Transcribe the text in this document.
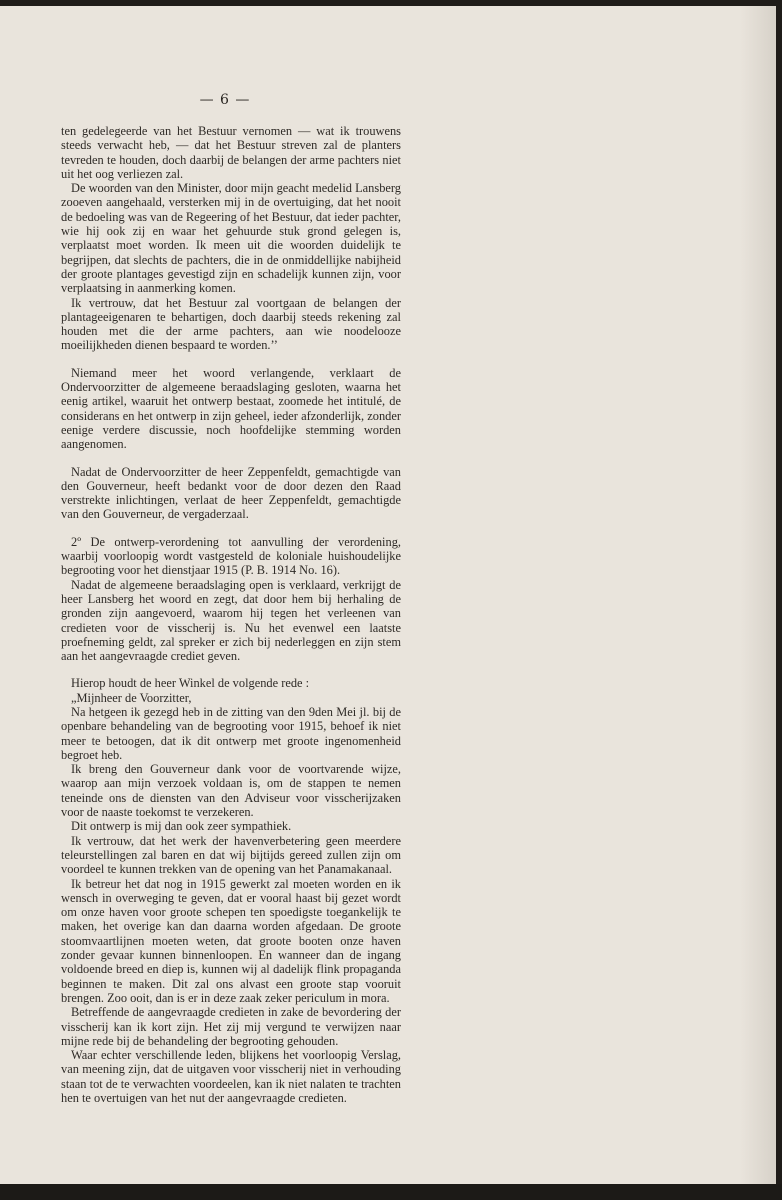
— 6 —

ten gedelegeerde van het Bestuur vernomen — wat ik trouwens steeds verwacht heb, — dat het Bestuur streven zal de planters tevreden te houden, doch daarbij de belangen der arme pachters niet uit het oog verliezen zal.

De woorden van den Minister, door mijn geacht medelid Lansberg zooeven aangehaald, versterken mij in de overtuiging, dat het nooit de bedoeling was van de Regeering of het Bestuur, dat ieder pachter, wie hij ook zij en waar het gehuurde stuk grond gelegen is, verplaatst moet worden. Ik meen uit die woorden duidelijk te begrijpen, dat slechts de pachters, die in de onmiddellijke nabijheid der groote plantages gevestigd zijn en schadelijk kunnen zijn, voor verplaatsing in aanmerking komen.

Ik vertrouw, dat het Bestuur zal voortgaan de belangen der plantageeigenaren te behartigen, doch daarbij steeds rekening zal houden met die der arme pachters, aan wie noodelooze moeilijkheden dienen bespaard te worden.’’

Niemand meer het woord verlangende, verklaart de Ondervoorzitter de algemeene beraadslaging gesloten, waarna het eenig artikel, waaruit het ontwerp bestaat, zoomede het intitulé, de considerans en het ontwerp in zijn geheel, ieder afzonderlijk, zonder eenige verdere discussie, noch hoofdelijke stemming worden aangenomen.

Nadat de Ondervoorzitter de heer Zeppenfeldt, gemachtigde van den Gouverneur, heeft bedankt voor de door dezen den Raad verstrekte inlichtingen, verlaat de heer Zeppenfeldt, gemachtigde van den Gouverneur, de vergaderzaal.

2º De ontwerp-verordening tot aanvulling der verordening, waarbij voorloopig wordt vastgesteld de koloniale huishoudelijke begrooting voor het dienstjaar 1915 (P. B. 1914 No. 16).

Nadat de algemeene beraadslaging open is verklaard, verkrijgt de heer Lansberg het woord en zegt, dat door hem bij herhaling de gronden zijn aangevoerd, waarom hij tegen het verleenen van credieten voor de visscherij is. Nu het evenwel een laatste proefneming geldt, zal spreker er zich bij nederleggen en zijn stem aan het aangevraagde crediet geven.

Hierop houdt de heer Winkel de volgende rede :

„Mijnheer de Voorzitter,

Na hetgeen ik gezegd heb in de zitting van den 9den Mei jl. bij de openbare behandeling van de begrooting voor 1915, behoef ik niet meer te betoogen, dat ik dit ontwerp met groote ingenomenheid begroet heb.

Ik breng den Gouverneur dank voor de voortvarende wijze, waarop aan mijn verzoek voldaan is, om de stappen te nemen teneinde ons de diensten van den Adviseur voor visscherijzaken voor de naaste toekomst te verzekeren.

Dit ontwerp is mij dan ook zeer sympathiek.

Ik vertrouw, dat het werk der havenverbetering geen meerdere teleurstellingen zal baren en dat wij bijtijds gereed zullen zijn om voordeel te kunnen trekken van de opening van het Panamakanaal.

Ik betreur het dat nog in 1915 gewerkt zal moeten worden en ik wensch in overweging te geven, dat er vooral haast bij gezet wordt om onze haven voor groote schepen ten spoedigste toegankelijk te maken, het overige kan dan daarna worden afgedaan. De groote stoomvaartlijnen moeten weten, dat groote booten onze haven zonder gevaar kunnen binnenloopen. En wanneer dan de ingang voldoende breed en diep is, kunnen wij al dadelijk flink propaganda beginnen te maken. Dit zal ons alvast een groote stap vooruit brengen. Zoo ooit, dan is er in deze zaak zeker periculum in mora.

Betreffende de aangevraagde credieten in zake de bevordering der visscherij kan ik kort zijn. Het zij mij vergund te verwijzen naar mijne rede bij de behandeling der begrooting gehouden.

Waar echter verschillende leden, blijkens het voorloopig Verslag, van meening zijn, dat de uitgaven voor visscherij niet in verhouding staan tot de te verwachten voordeelen, kan ik niet nalaten te trachten hen te overtuigen van het nut der aangevraagde credieten.
